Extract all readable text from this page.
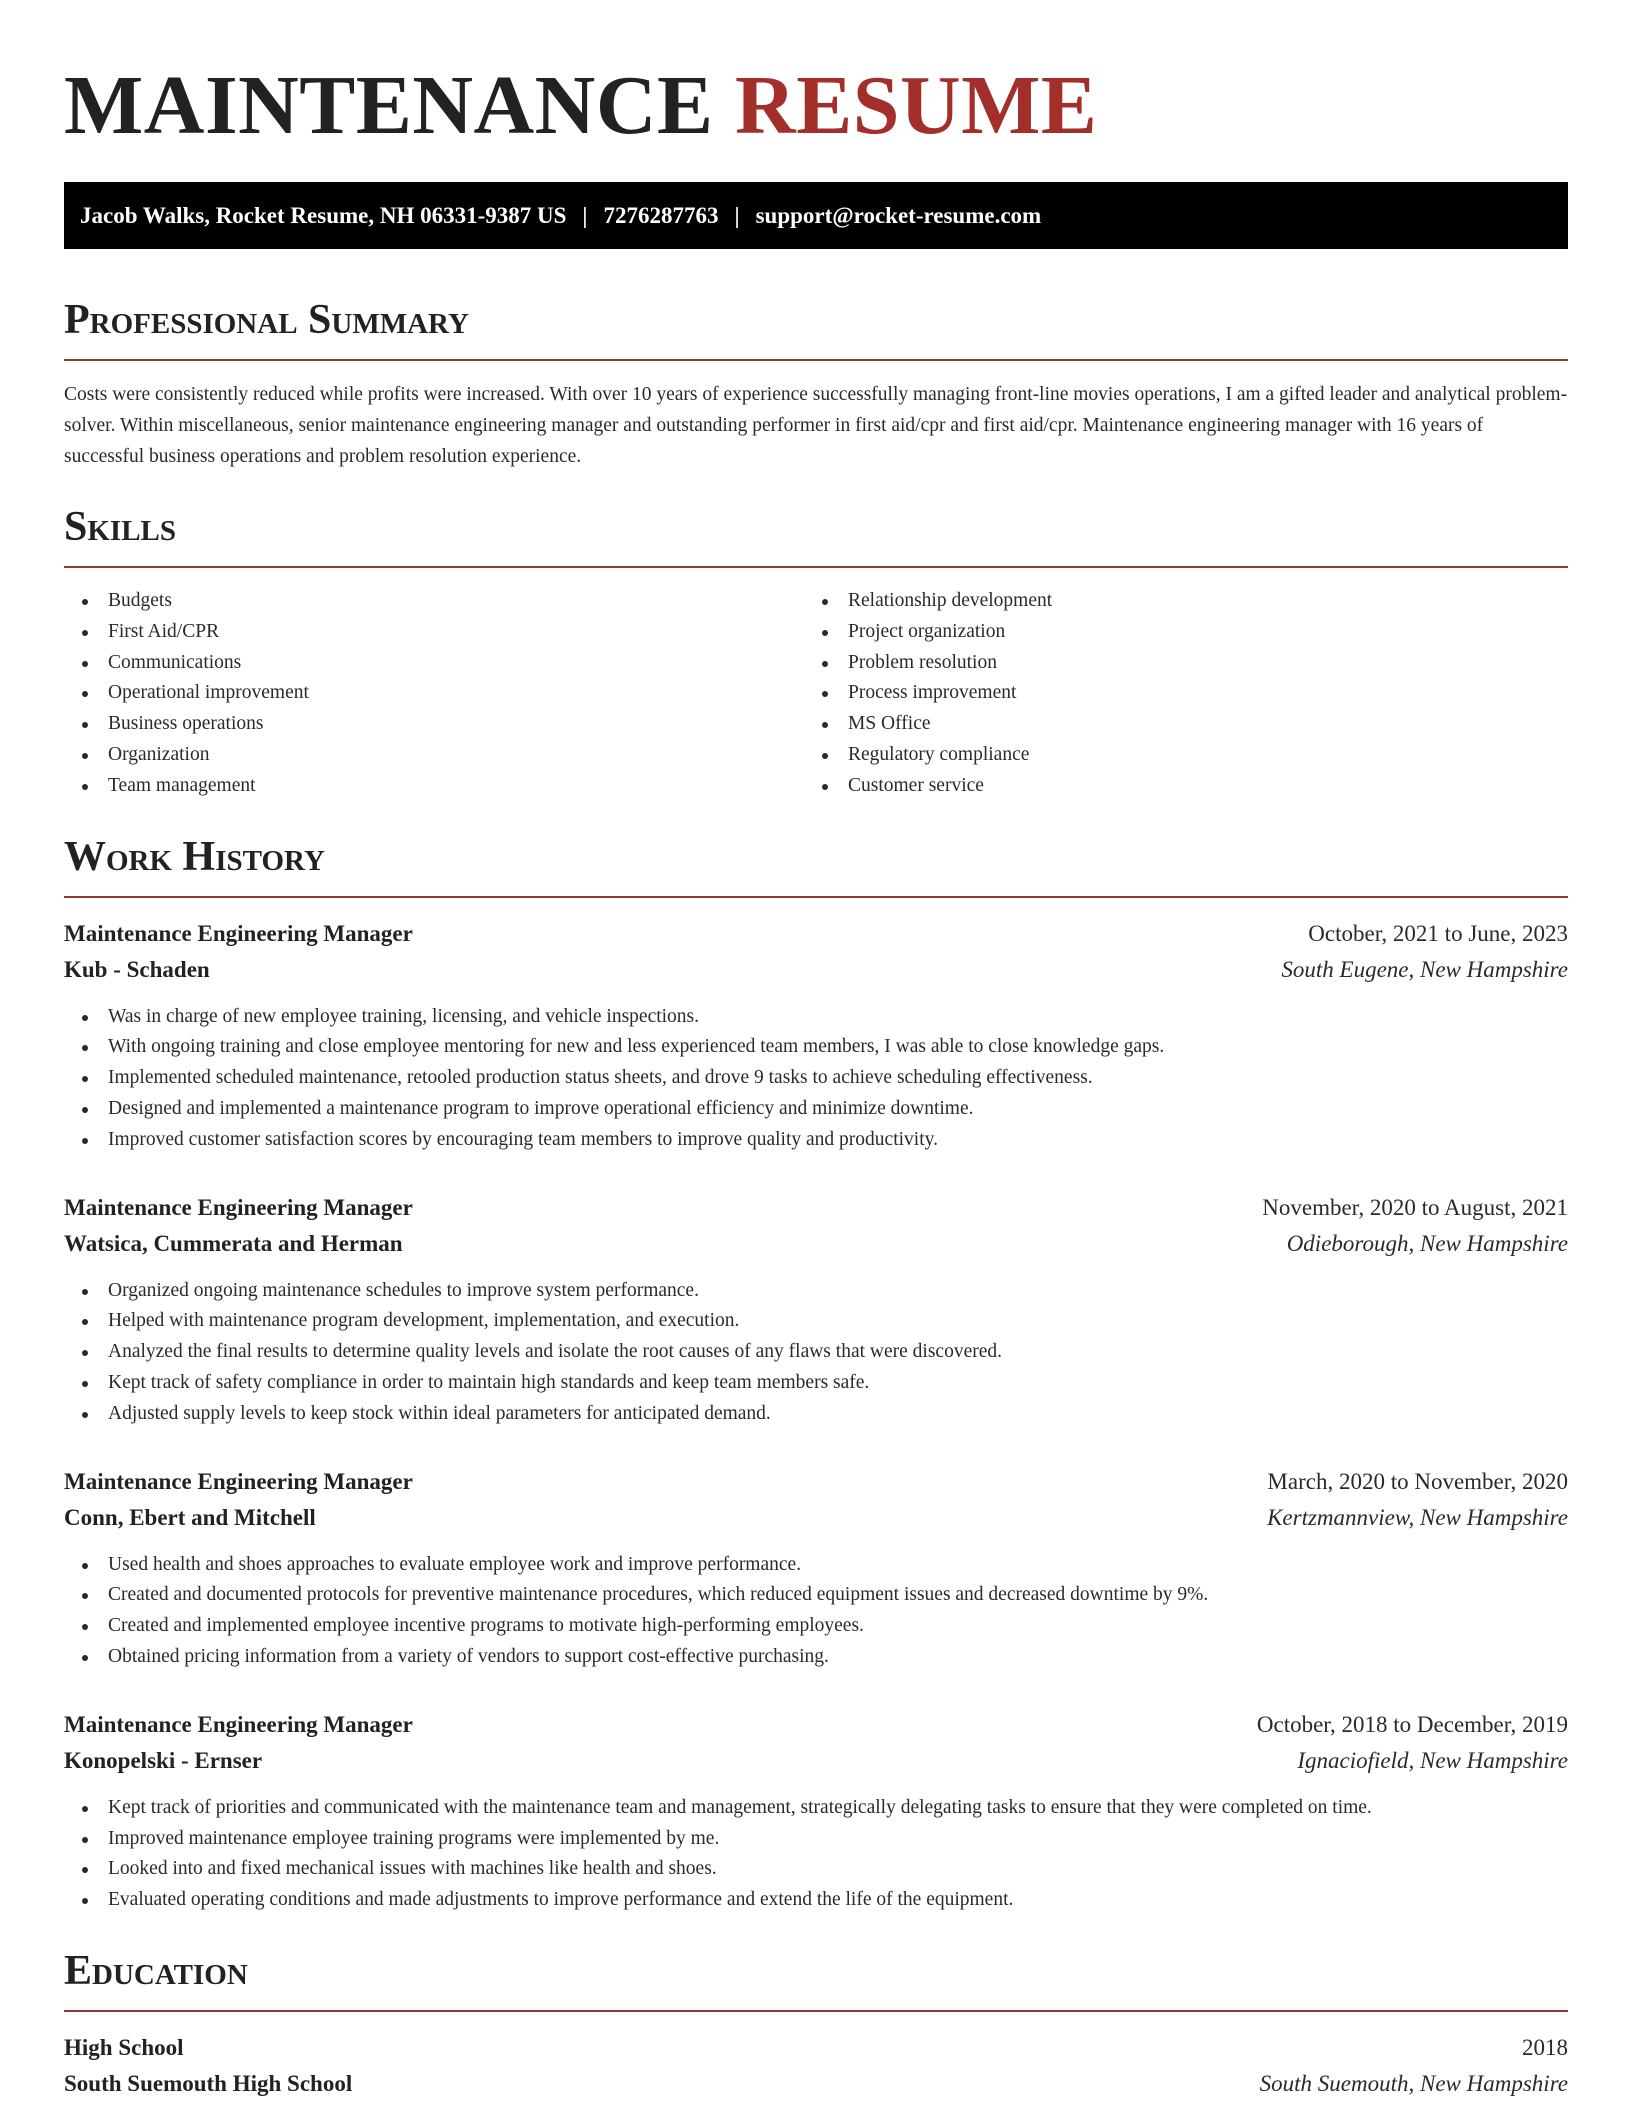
MAINTENANCE RESUME
Jacob Walks, Rocket Resume, NH 06331-9387 US | 7276287763 | support@rocket-resume.com
Professional Summary

Costs were consistently reduced while profits were increased. With over 10 years of experience successfully managing front-line movies operations, I am a gifted leader and analytical problem-solver. Within miscellaneous, senior maintenance engineering manager and outstanding performer in first aid/cpr and first aid/cpr. Maintenance engineering manager with 16 years of successful business operations and problem resolution experience.

Skills
Budgets
First Aid/CPR
Communications
Operational improvement
Business operations
Organization
Team management
Relationship development
Project organization
Problem resolution
Process improvement
MS Office
Regulatory compliance
Customer service
Work History
Maintenance Engineering Manager	October, 2021 to June, 2023
Kub - Schaden	South Eugene, New Hampshire
Was in charge of new employee training, licensing, and vehicle inspections.
With ongoing training and close employee mentoring for new and less experienced team members, I was able to close knowledge gaps.
Implemented scheduled maintenance, retooled production status sheets, and drove 9 tasks to achieve scheduling effectiveness.
Designed and implemented a maintenance program to improve operational efficiency and minimize downtime.
Improved customer satisfaction scores by encouraging team members to improve quality and productivity.
Maintenance Engineering Manager	November, 2020 to August, 2021
Watsica, Cummerata and Herman	Odieborough, New Hampshire
Organized ongoing maintenance schedules to improve system performance.
Helped with maintenance program development, implementation, and execution.
Analyzed the final results to determine quality levels and isolate the root causes of any flaws that were discovered.
Kept track of safety compliance in order to maintain high standards and keep team members safe.
Adjusted supply levels to keep stock within ideal parameters for anticipated demand.
Maintenance Engineering Manager	March, 2020 to November, 2020
Conn, Ebert and Mitchell	Kertzmannview, New Hampshire
Used health and shoes approaches to evaluate employee work and improve performance.
Created and documented protocols for preventive maintenance procedures, which reduced equipment issues and decreased downtime by 9%.
Created and implemented employee incentive programs to motivate high-performing employees.
Obtained pricing information from a variety of vendors to support cost-effective purchasing.
Maintenance Engineering Manager	October, 2018 to December, 2019
Konopelski - Ernser	Ignaciofield, New Hampshire
Kept track of priorities and communicated with the maintenance team and management, strategically delegating tasks to ensure that they were completed on time.
Improved maintenance employee training programs were implemented by me.
Looked into and fixed mechanical issues with machines like health and shoes.
Evaluated operating conditions and made adjustments to improve performance and extend the life of the equipment.
Education
High School	2018
South Suemouth High School	South Suemouth, New Hampshire
